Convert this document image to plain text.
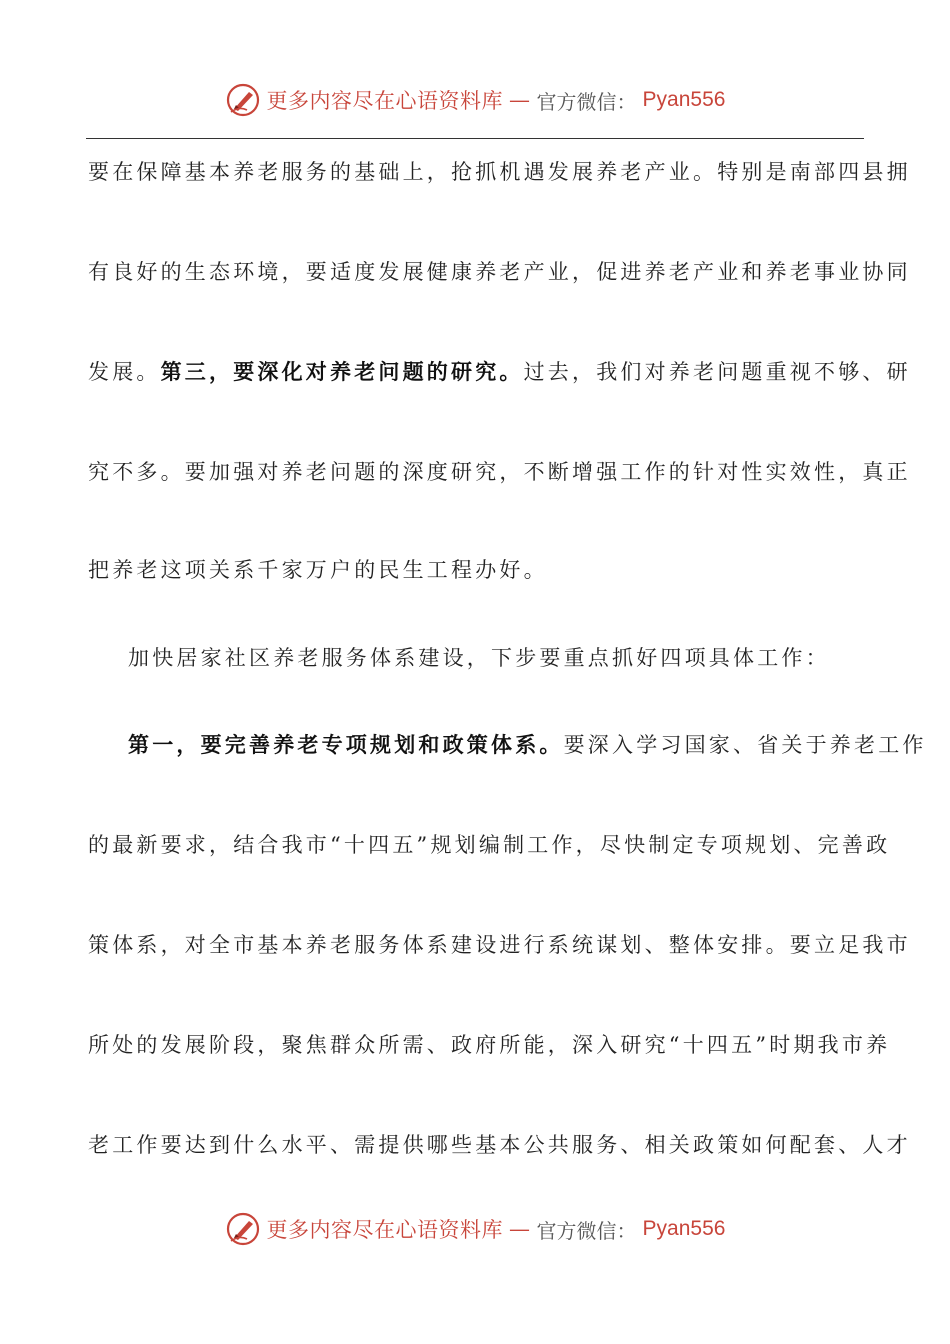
更多内容尽在心语资料库 — 官方微信： Pyan556
要在保障基本养老服务的基础上，抢抓机遇发展养老产业。特别是南部四县拥
有良好的生态环境，要适度发展健康养老产业，促进养老产业和养老事业协同
发展。第三，要深化对养老问题的研究。过去，我们对养老问题重视不够、研
究不多。要加强对养老问题的深度研究，不断增强工作的针对性实效性，真正
把养老这项关系千家万户的民生工程办好。
加快居家社区养老服务体系建设，下步要重点抓好四项具体工作：
第一，要完善养老专项规划和政策体系。要深入学习国家、省关于养老工作
的最新要求，结合我市“十四五”规划编制工作，尽快制定专项规划、完善政
策体系，对全市基本养老服务体系建设进行系统谋划、整体安排。要立足我市
所处的发展阶段，聚焦群众所需、政府所能，深入研究“十四五”时期我市养
老工作要达到什么水平、需提供哪些基本公共服务、相关政策如何配套、人才
更多内容尽在心语资料库 — 官方微信： Pyan556
